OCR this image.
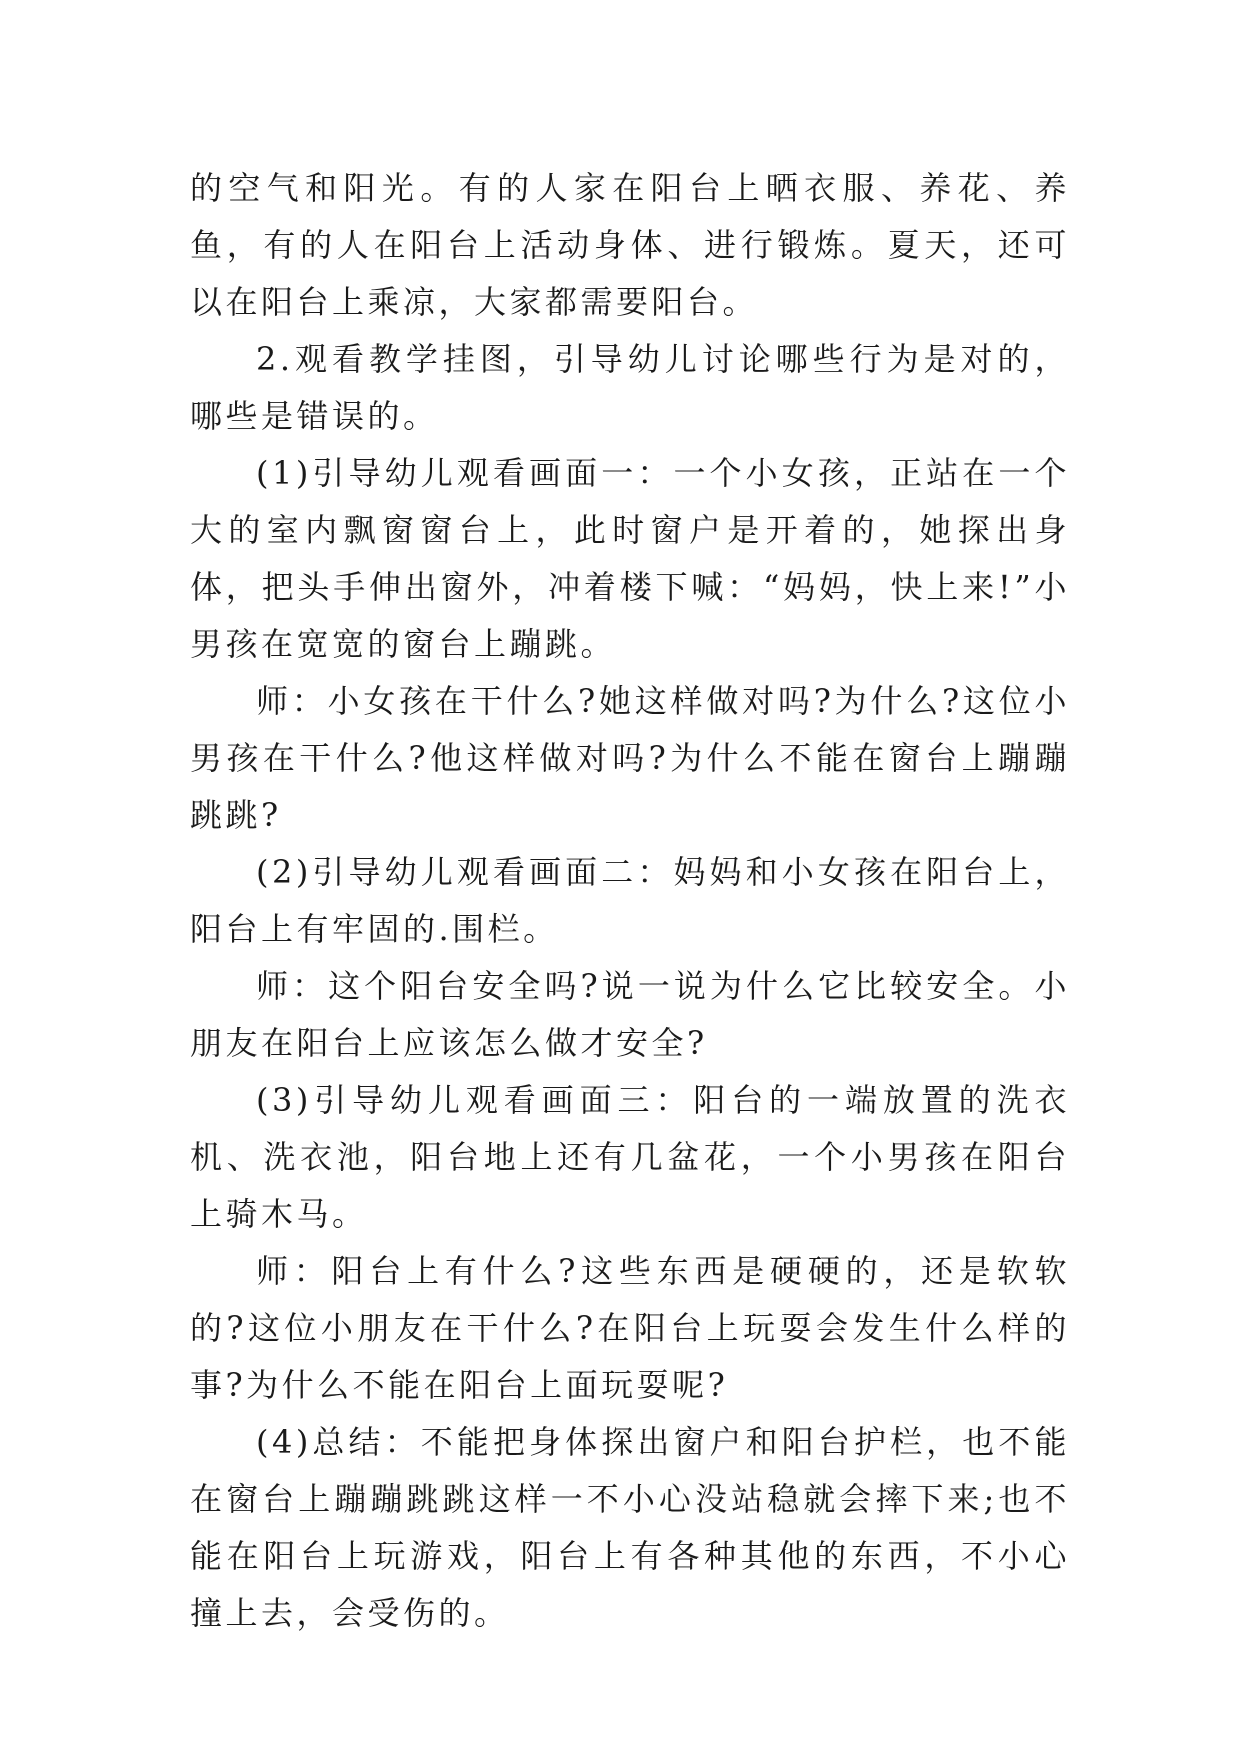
的空气和阳光。有的人家在阳台上晒衣服、养花、养鱼，有的人在阳台上活动身体、进行锻炼。夏天，还可以在阳台上乘凉，大家都需要阳台。

2.观看教学挂图，引导幼儿讨论哪些行为是对的，哪些是错误的。

(1)引导幼儿观看画面一：一个小女孩，正站在一个大的室内飘窗窗台上，此时窗户是开着的，她探出身体，把头手伸出窗外，冲着楼下喊：“妈妈，快上来!”小男孩在宽宽的窗台上蹦跳。

师：小女孩在干什么?她这样做对吗?为什么?这位小男孩在干什么?他这样做对吗?为什么不能在窗台上蹦蹦跳跳?

(2)引导幼儿观看画面二：妈妈和小女孩在阳台上，阳台上有牢固的.围栏。

师：这个阳台安全吗?说一说为什么它比较安全。小朋友在阳台上应该怎么做才安全?

(3)引导幼儿观看画面三：阳台的一端放置的洗衣机、洗衣池，阳台地上还有几盆花，一个小男孩在阳台上骑木马。

师：阳台上有什么?这些东西是硬硬的，还是软软的?这位小朋友在干什么?在阳台上玩耍会发生什么样的事?为什么不能在阳台上面玩耍呢?

(4)总结：不能把身体探出窗户和阳台护栏，也不能在窗台上蹦蹦跳跳这样一不小心没站稳就会摔下来;也不能在阳台上玩游戏，阳台上有各种其他的东西，不小心撞上去，会受伤的。
